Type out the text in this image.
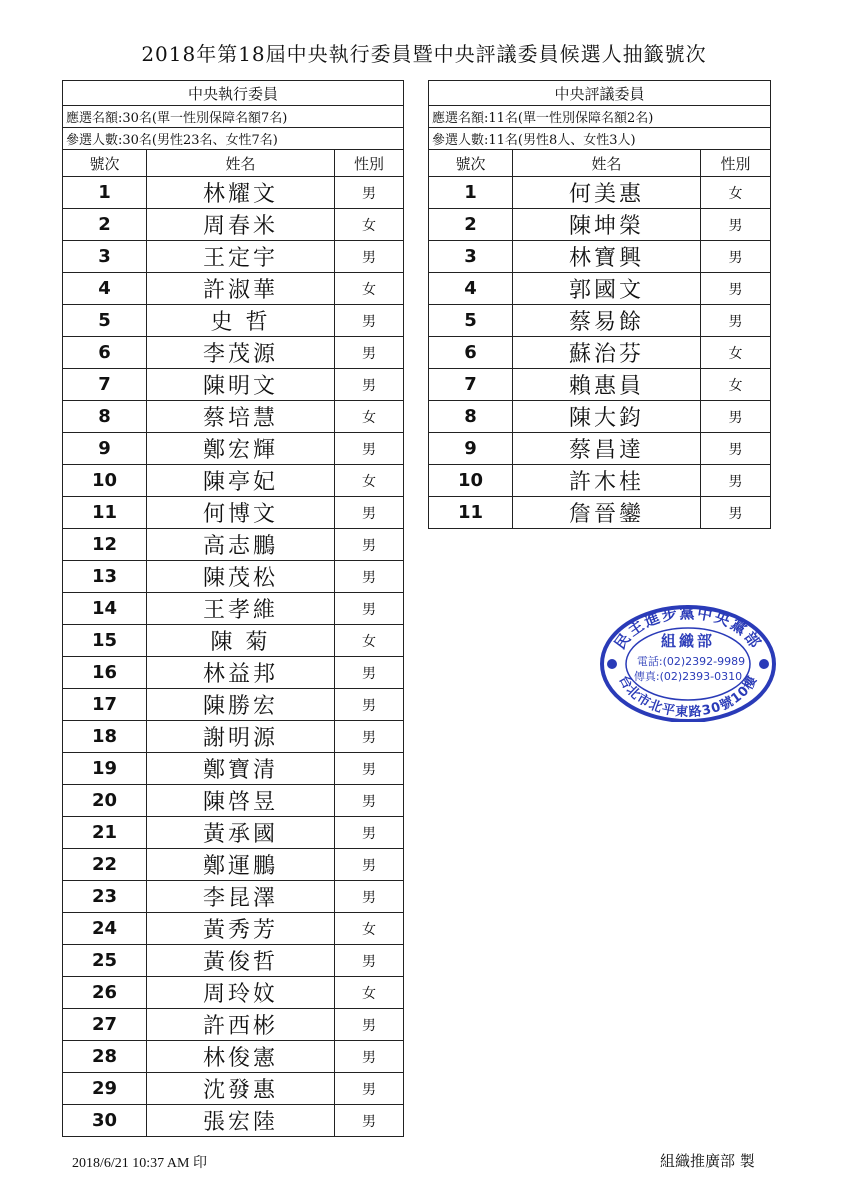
2018年第18屆中央執行委員暨中央評議委員候選人抽籤號次
中央執行委員		
應選名額:30名(單一性別保障名額7名)		
參選人數:30名(男性23名、女性7名)		
號次	姓名	性別
1	林耀文	男
2	周春米	女
3	王定宇	男
4	許淑華	女
5	史 哲	男
6	李茂源	男
7	陳明文	男
8	蔡培慧	女
9	鄭宏輝	男
10	陳亭妃	女
11	何博文	男
12	高志鵬	男
13	陳茂松	男
14	王孝維	男
15	陳 菊	女
16	林益邦	男
17	陳勝宏	男
18	謝明源	男
19	鄭寶清	男
20	陳啓昱	男
21	黃承國	男
22	鄭運鵬	男
23	李昆澤	男
24	黃秀芳	女
25	黃俊哲	男
26	周玲妏	女
27	許西彬	男
28	林俊憲	男
29	沈發惠	男
30	張宏陸	男
中央評議委員		
應選名額:11名(單一性別保障名額2名)		
參選人數:11名(男性8人、女性3人)		
號次	姓名	性別
1	何美惠	女
2	陳坤榮	男
3	林寶興	男
4	郭國文	男
5	蔡易餘	男
6	蘇治芬	女
7	賴惠員	女
8	陳大鈞	男
9	蔡昌達	男
10	許木桂	男
11	詹晉鑾	男
民主進步黨中央黨部
台北市北平東路30號10樓
組織部
電話:(02)2392-9989
傳真:(02)2393-0310
2018/6/21 10:37 AM 印	組織推廣部 製
